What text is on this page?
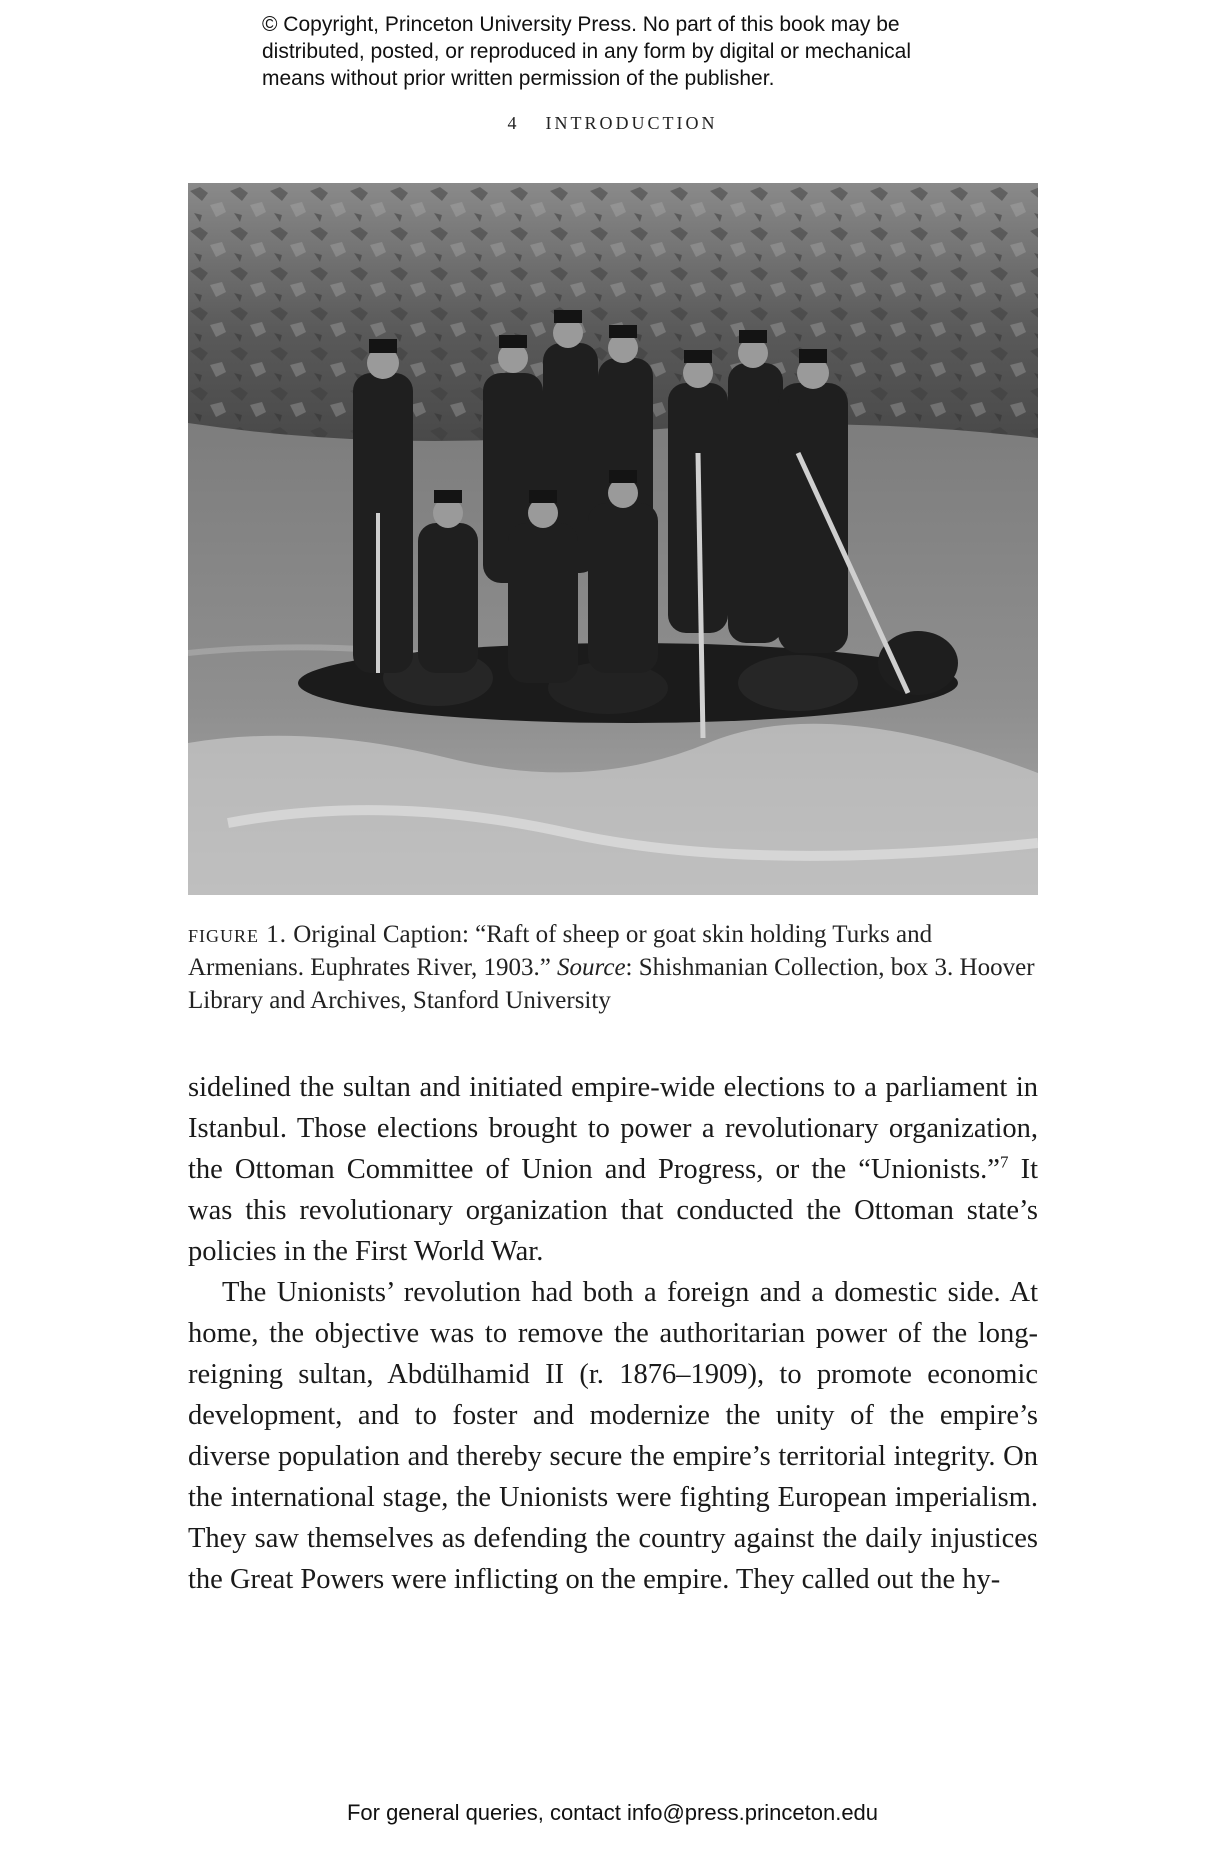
© Copyright, Princeton University Press. No part of this book may be
distributed, posted, or reproduced in any form by digital or mechanical
means without prior written permission of the publisher.
4 INTRODUCTION
figure 1. Original Caption: “Raft of sheep or goat skin holding Turks and Armenians. Euphrates River, 1903.” Source: Shishmanian Collection, box 3. Hoover Library and Archives, Stanford University

sidelined the sultan and initiated empire-wide elections to a parliament in Istanbul. Those elections brought to power a revolutionary organization, the Ottoman Committee of Union and Progress, or the “Unionists.”$^7$ It was this revolutionary organization that conducted the Ottoman state’s policies in the First World War.

The Unionists’ revolution had both a foreign and a domestic side. At home, the objective was to remove the authoritarian power of the long-reigning sultan, Abdülhamid II (r. 1876–1909), to promote economic development, and to foster and modernize the unity of the empire’s diverse population and thereby secure the empire’s territorial integrity. On the international stage, the Unionists were fighting European imperialism. They saw themselves as defending the country against the daily injustices the Great Powers were inflicting on the empire. They called out the hy-

For general queries, contact info@press.princeton.edu
